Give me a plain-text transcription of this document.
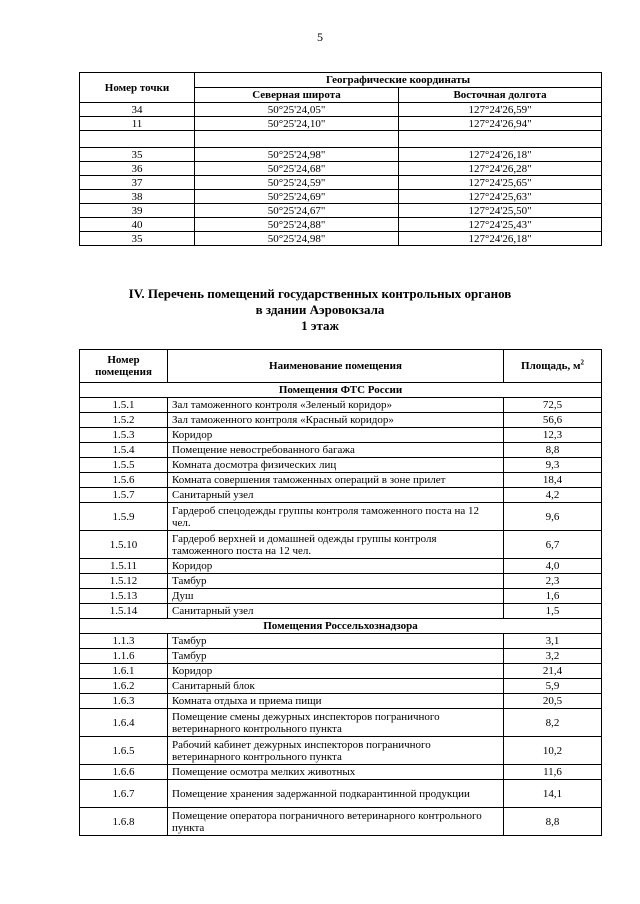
5
Номер точки	Географические координаты	
	Северная широта	Восточная долгота
34	50°25'24,05"	127°24'26,59"
11	50°25'24,10"	127°24'26,94"

35	50°25'24,98"	127°24'26,18"
36	50°25'24,68"	127°24'26,28"
37	50°25'24,59"	127°24'25,65"
38	50°25'24,69"	127°24'25,63"
39	50°25'24,67"	127°24'25,50"
40	50°25'24,88"	127°24'25,43"
35	50°25'24,98"	127°24'26,18"
IV. Перечень помещений государственных контрольных органов
в здании Аэровокзала
1 этаж
Номер помещения	Наименование помещения	Площадь, $м^2$
Помещения ФТС России		
1.5.1	Зал таможенного контроля «Зеленый коридор»	72,5
1.5.2	Зал таможенного контроля «Красный коридор»	56,6
1.5.3	Коридор	12,3
1.5.4	Помещение невостребованного багажа	8,8
1.5.5	Комната досмотра физических лиц	9,3
1.5.6	Комната совершения таможенных операций в зоне прилет	18,4
1.5.7	Санитарный узел	4,2
1.5.9	Гардероб спецодежды группы контроля таможенного поста на 12 чел.	9,6
1.5.10	Гардероб верхней и домашней одежды группы контроля таможенного поста на 12 чел.	6,7
1.5.11	Коридор	4,0
1.5.12	Тамбур	2,3
1.5.13	Душ	1,6
1.5.14	Санитарный узел	1,5
Помещения Россельхознадзора		
1.1.3	Тамбур	3,1
1.1.6	Тамбур	3,2
1.6.1	Коридор	21,4
1.6.2	Санитарный блок	5,9
1.6.3	Комната отдыха и приема пищи	20,5
1.6.4	Помещение смены дежурных инспекторов пограничного ветеринарного контрольного пункта	8,2
1.6.5	Рабочий кабинет дежурных инспекторов пограничного ветеринарного контрольного пункта	10,2
1.6.6	Помещение осмотра мелких животных	11,6
1.6.7	Помещение хранения задержанной подкарантинной продукции	14,1
1.6.8	Помещение оператора пограничного ветеринарного контрольного пункта	8,8
